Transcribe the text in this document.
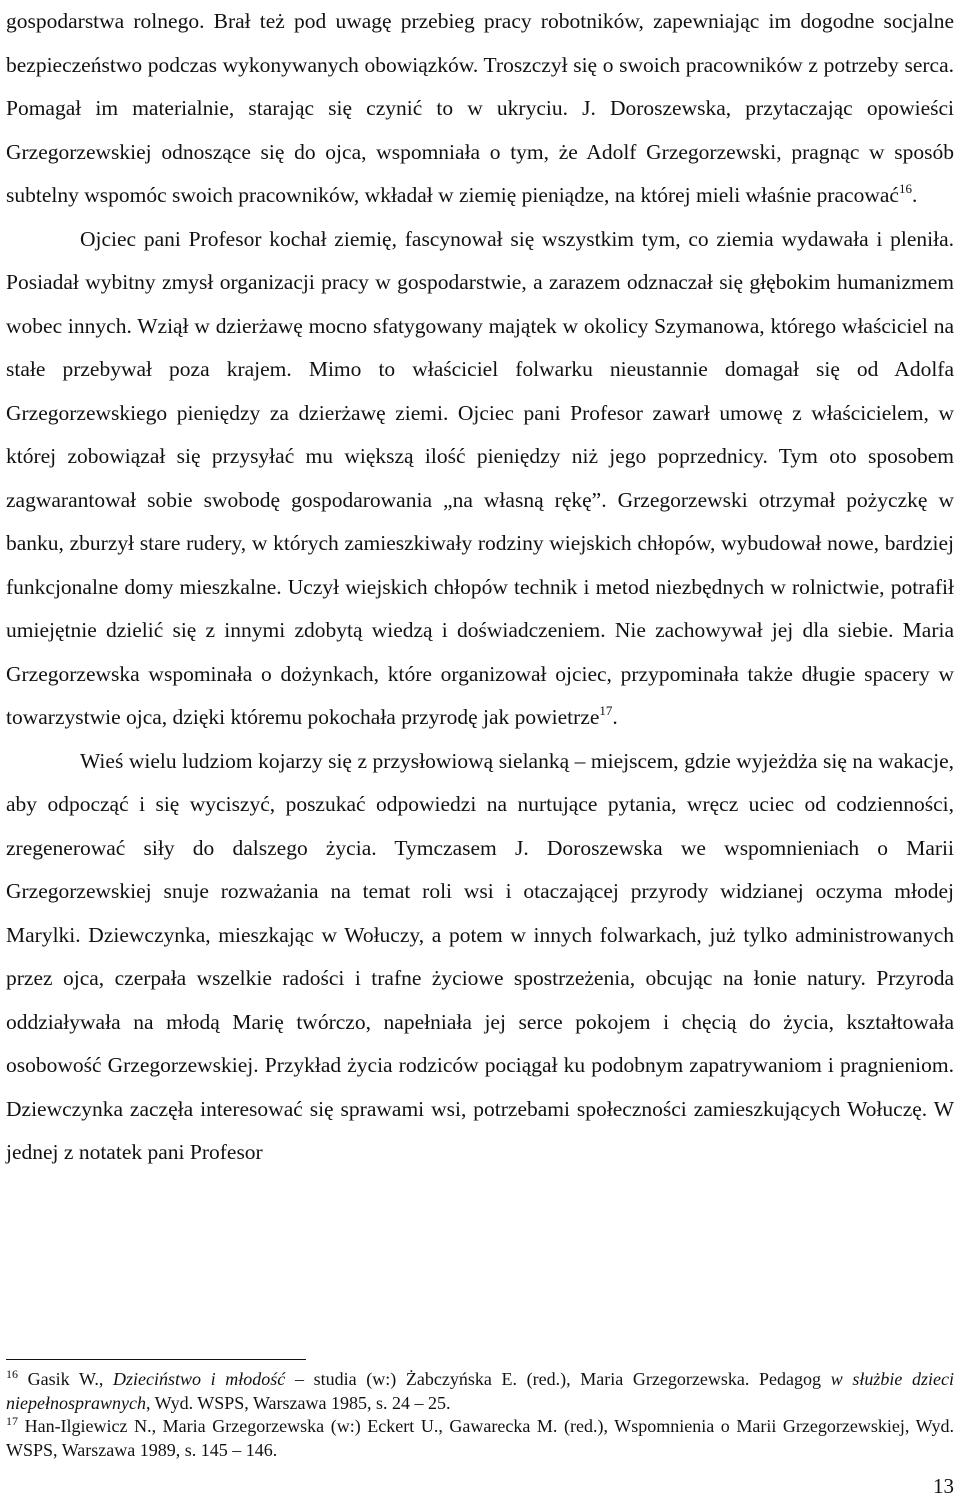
gospodarstwa rolnego. Brał też pod uwagę przebieg pracy robotników, zapewniając im dogodne socjalne bezpieczeństwo podczas wykonywanych obowiązków. Troszczył się o swoich pracowników z potrzeby serca. Pomagał im materialnie, starając się czynić to w ukryciu. J. Doroszewska, przytaczając opowieści Grzegorzewskiej odnoszące się do ojca, wspomniała o tym, że Adolf Grzegorzewski, pragnąc w sposób subtelny wspomóc swoich pracowników, wkładał w ziemię pieniądze, na której mieli właśnie pracować$^{16}$.

Ojciec pani Profesor kochał ziemię, fascynował się wszystkim tym, co ziemia wydawała i pleniła. Posiadał wybitny zmysł organizacji pracy w gospodarstwie, a zarazem odznaczał się głębokim humanizmem wobec innych. Wziął w dzierżawę mocno sfatygowany majątek w okolicy Szymanowa, którego właściciel na stałe przebywał poza krajem. Mimo to właściciel folwarku nieustannie domagał się od Adolfa Grzegorzewskiego pieniędzy za dzierżawę ziemi. Ojciec pani Profesor zawarł umowę z właścicielem, w której zobowiązał się przysyłać mu większą ilość pieniędzy niż jego poprzednicy. Tym oto sposobem zagwarantował sobie swobodę gospodarowania „na własną rękę”. Grzegorzewski otrzymał pożyczkę w banku, zburzył stare rudery, w których zamieszkiwały rodziny wiejskich chłopów, wybudował nowe, bardziej funkcjonalne domy mieszkalne. Uczył wiejskich chłopów technik i metod niezbędnych w rolnictwie, potrafił umiejętnie dzielić się z innymi zdobytą wiedzą i doświadczeniem. Nie zachowywał jej dla siebie. Maria Grzegorzewska wspominała o dożynkach, które organizował ojciec, przypominała także długie spacery w towarzystwie ojca, dzięki któremu pokochała przyrodę jak powietrze$^{17}$.

Wieś wielu ludziom kojarzy się z przysłowiową sielanką – miejscem, gdzie wyjeżdża się na wakacje, aby odpocząć i się wyciszyć, poszukać odpowiedzi na nurtujące pytania, wręcz uciec od codzienności, zregenerować siły do dalszego życia. Tymczasem J. Doroszewska we wspomnieniach o Marii Grzegorzewskiej snuje rozważania na temat roli wsi i otaczającej przyrody widzianej oczyma młodej Marylki. Dziewczynka, mieszkając w Wołuczy, a potem w innych folwarkach, już tylko administrowanych przez ojca, czerpała wszelkie radości i trafne życiowe spostrzeżenia, obcując na łonie natury. Przyroda oddziaływała na młodą Marię twórczo, napełniała jej serce pokojem i chęcią do życia, kształtowała osobowość Grzegorzewskiej. Przykład życia rodziców pociągał ku podobnym zapatrywaniom i pragnieniom. Dziewczynka zaczęła interesować się sprawami wsi, potrzebami społeczności zamieszkujących Wołuczę. W jednej z notatek pani Profesor

$^{16}$ Gasik W., Dzieciństwo i młodość – studia (w:) Żabczyńska E. (red.), Maria Grzegorzewska. Pedagog w służbie dzieci niepełnosprawnych, Wyd. WSPS, Warszawa 1985, s. 24 – 25.

$^{17}$ Han-Ilgiewicz N., Maria Grzegorzewska (w:) Eckert U., Gawarecka M. (red.), Wspomnienia o Marii Grzegorzewskiej, Wyd. WSPS, Warszawa 1989, s. 145 – 146.

13
